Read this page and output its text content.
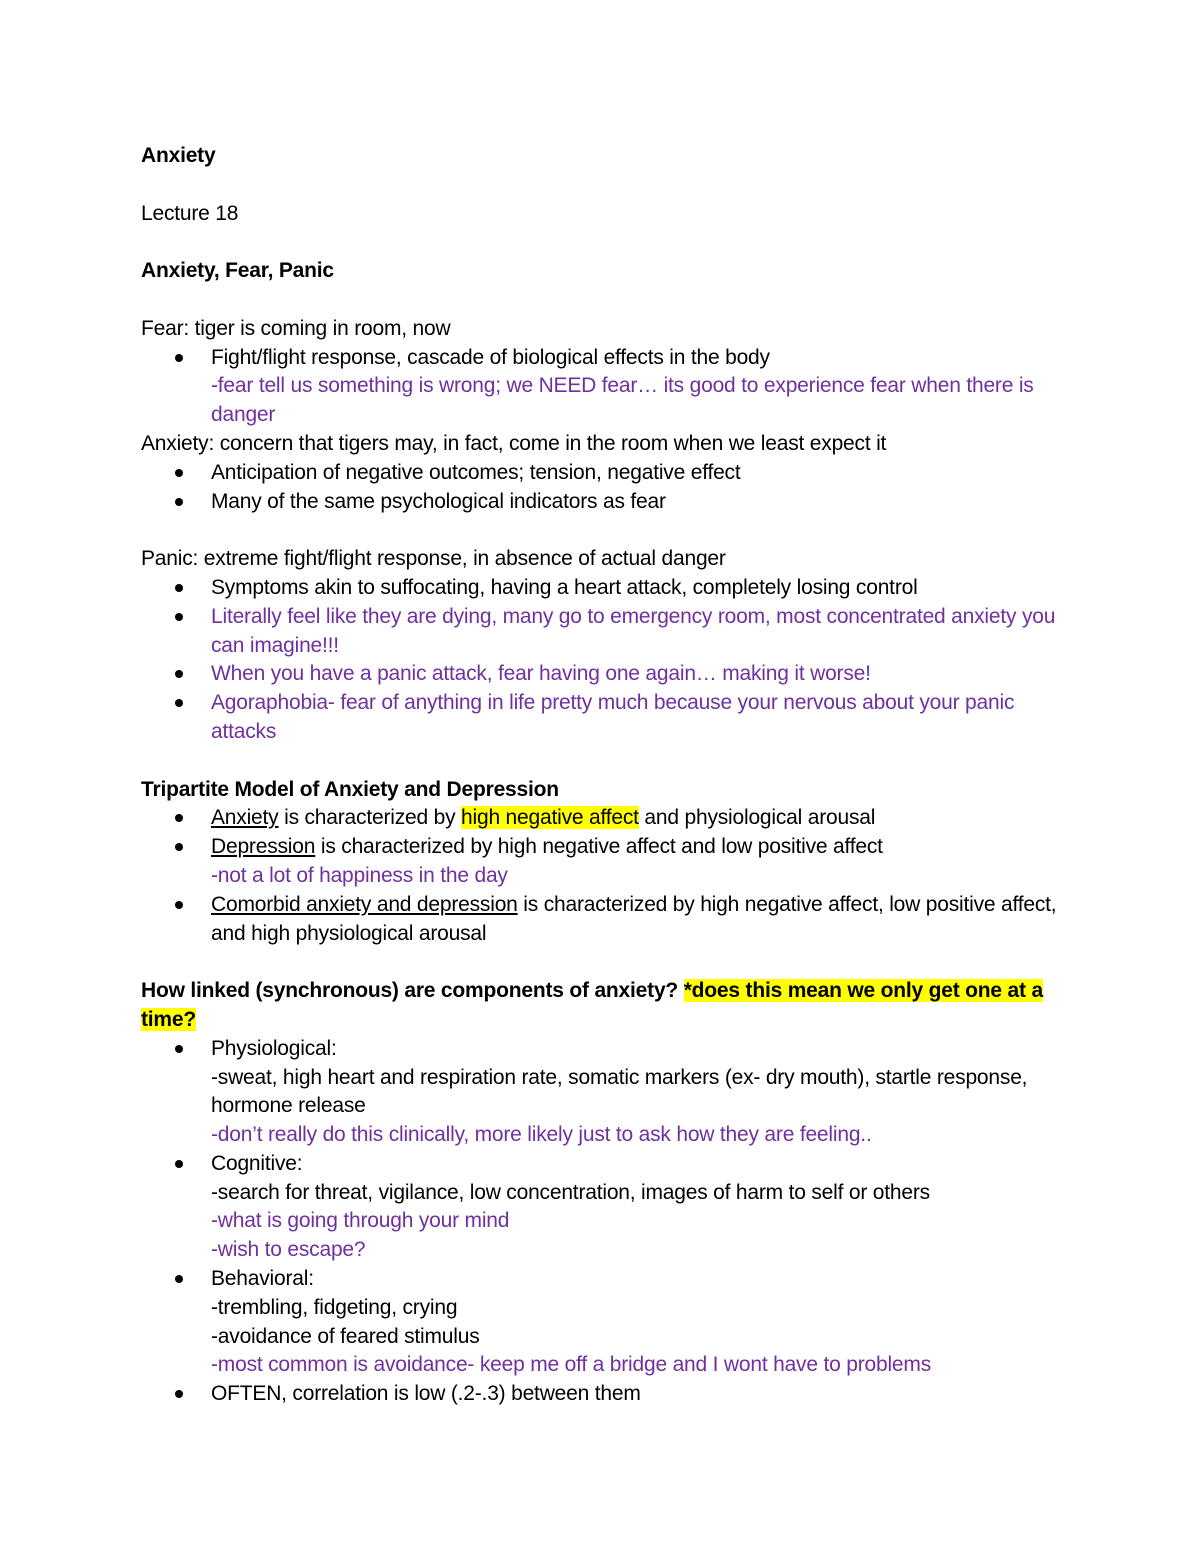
Anxiety

Lecture 18

Anxiety, Fear, Panic

Fear: tiger is coming in room, now

Fight/flight response, cascade of biological effects in the body
-fear tell us something is wrong; we NEED fear… its good to experience fear when there is danger

Anxiety: concern that tigers may, in fact, come in the room when we least expect it

Anticipation of negative outcomes; tension, negative effect
Many of the same psychological indicators as fear

Panic: extreme fight/flight response, in absence of actual danger

Symptoms akin to suffocating, having a heart attack, completely losing control
Literally feel like they are dying, many go to emergency room, most concentrated anxiety you can imagine!!!
When you have a panic attack, fear having one again… making it worse!
Agoraphobia- fear of anything in life pretty much because your nervous about your panic attacks

Tripartite Model of Anxiety and Depression

Anxiety is characterized by high negative affect and physiological arousal
Depression is characterized by high negative affect and low positive affect
-not a lot of happiness in the day
Comorbid anxiety and depression is characterized by high negative affect, low positive affect, and high physiological arousal

How linked (synchronous) are components of anxiety? *does this mean we only get one at a time?

Physiological:
-sweat, high heart and respiration rate, somatic markers (ex- dry mouth), startle response, hormone release
-don’t really do this clinically, more likely just to ask how they are feeling..
Cognitive:
-search for threat, vigilance, low concentration, images of harm to self or others
-what is going through your mind
-wish to escape?
Behavioral:
-trembling, fidgeting, crying
-avoidance of feared stimulus
-most common is avoidance- keep me off a bridge and I wont have to problems
OFTEN, correlation is low (.2-.3) between them
